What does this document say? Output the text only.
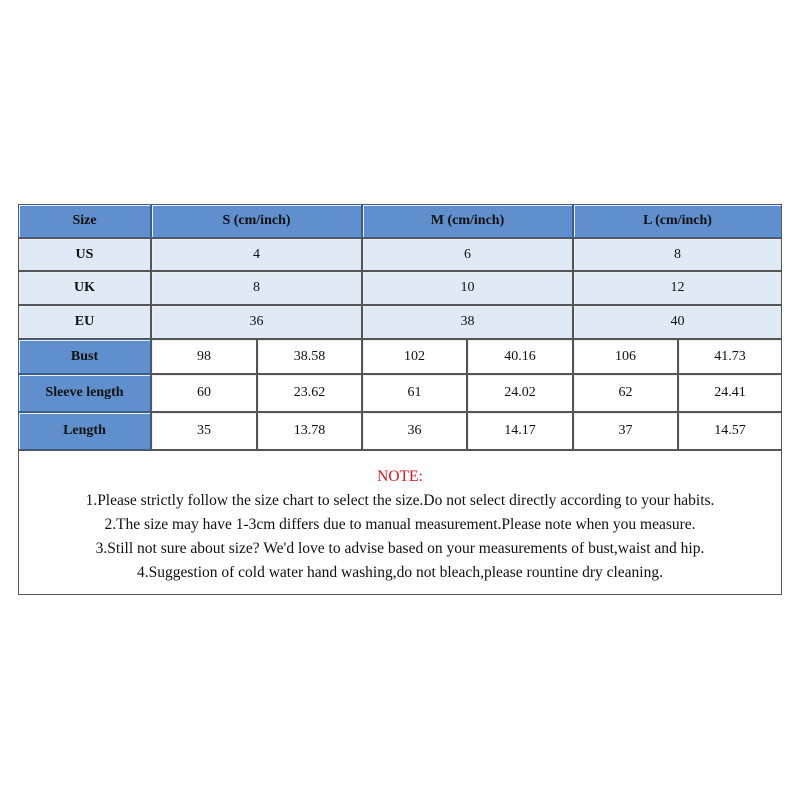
Size	S (cm/inch)	M (cm/inch)	L (cm/inch)
US	4	6	8
UK	8	10	12
EU	36	38	40
Bust	98	38.58	102	40.16	106	41.73
Sleeve length	60	23.62	61	24.02	62	24.41
Length	35	13.78	36	14.17	37	14.57
NOTE:
1.Please strictly follow the size chart to select the size.Do not select directly according to your habits.
2.The size may have 1-3cm differs due to manual measurement.Please note when you measure.
3.Still not sure about size? We'd love to advise based on your measurements of bust,waist and hip.
4.Suggestion of cold water hand washing,do not bleach,please rountine dry cleaning.
